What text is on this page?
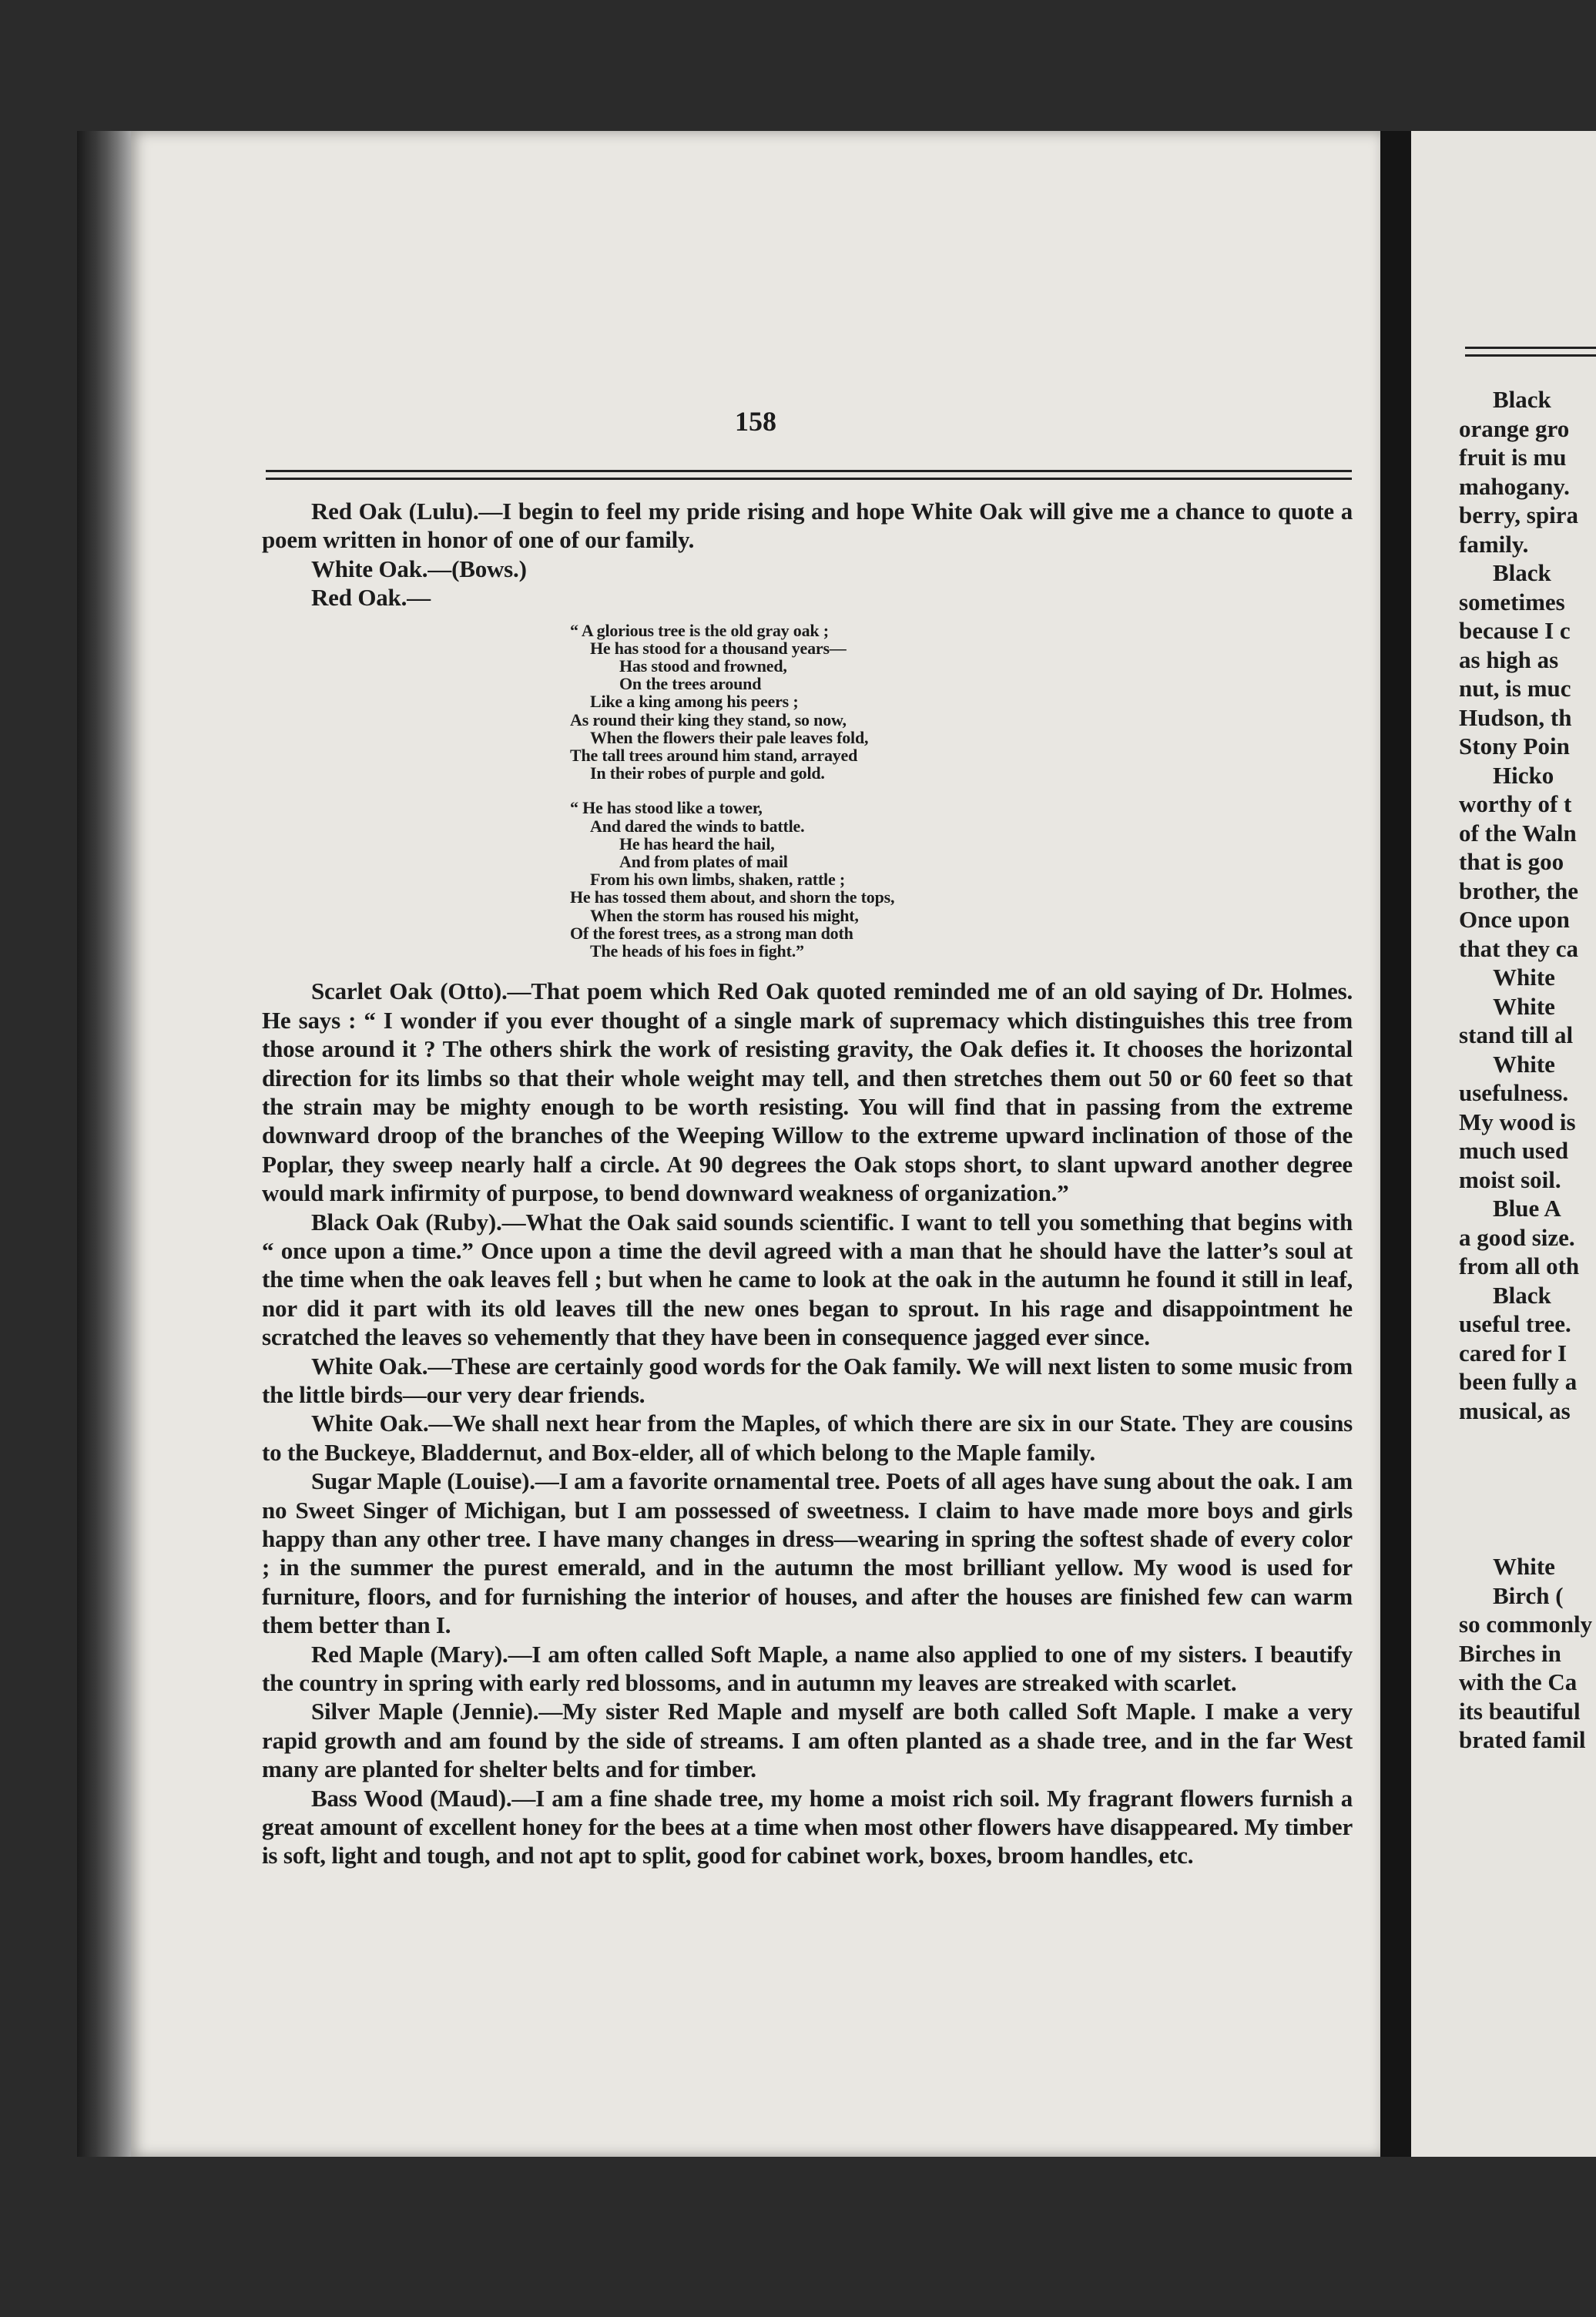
158

Red Oak (Lulu).—I begin to feel my pride rising and hope White Oak will give me a chance to quote a poem written in honor of one of our family.

White Oak.—(Bows.)

Red Oak.—

“ A glorious tree is the old gray oak ;
He has stood for a thousand years—
Has stood and frowned,
On the trees around
Like a king among his peers ;
As round their king they stand, so now,
When the flowers their pale leaves fold,
The tall trees around him stand, arrayed
In their robes of purple and gold.
“ He has stood like a tower,
And dared the winds to battle.
He has heard the hail,
And from plates of mail
From his own limbs, shaken, rattle ;
He has tossed them about, and shorn the tops,
When the storm has roused his might,
Of the forest trees, as a strong man doth
The heads of his foes in fight.”

Scarlet Oak (Otto).—That poem which Red Oak quoted reminded me of an old saying of Dr. Holmes. He says : “ I wonder if you ever thought of a single mark of supremacy which distinguishes this tree from those around it ? The others shirk the work of resisting gravity, the Oak defies it. It chooses the horizontal direction for its limbs so that their whole weight may tell, and then stretches them out 50 or 60 feet so that the strain may be mighty enough to be worth resisting. You will find that in passing from the extreme downward droop of the branches of the Weeping Willow to the extreme upward inclination of those of the Poplar, they sweep nearly half a circle. At 90 degrees the Oak stops short, to slant upward another degree would mark infirmity of purpose, to bend downward weakness of organization.”

Black Oak (Ruby).—What the Oak said sounds scientific. I want to tell you something that begins with “ once upon a time.” Once upon a time the devil agreed with a man that he should have the latter’s soul at the time when the oak leaves fell ; but when he came to look at the oak in the autumn he found it still in leaf, nor did it part with its old leaves till the new ones began to sprout. In his rage and disappointment he scratched the leaves so vehemently that they have been in consequence jagged ever since.

White Oak.—These are certainly good words for the Oak family. We will next listen to some music from the little birds—our very dear friends.

White Oak.—We shall next hear from the Maples, of which there are six in our State. They are cousins to the Buckeye, Bladdernut, and Box-elder, all of which belong to the Maple family.

Sugar Maple (Louise).—I am a favorite ornamental tree. Poets of all ages have sung about the oak. I am no Sweet Singer of Michigan, but I am possessed of sweetness. I claim to have made more boys and girls happy than any other tree. I have many changes in dress—wearing in spring the softest shade of every color ; in the summer the purest emerald, and in the autumn the most brilliant yellow. My wood is used for furniture, floors, and for furnishing the interior of houses, and after the houses are finished few can warm them better than I.

Red Maple (Mary).—I am often called Soft Maple, a name also applied to one of my sisters. I beautify the country in spring with early red blossoms, and in autumn my leaves are streaked with scarlet.

Silver Maple (Jennie).—My sister Red Maple and myself are both called Soft Maple. I make a very rapid growth and am found by the side of streams. I am often planted as a shade tree, and in the far West many are planted for shelter belts and for timber.

Bass Wood (Maud).—I am a fine shade tree, my home a moist rich soil. My fragrant flowers furnish a great amount of excellent honey for the bees at a time when most other flowers have disappeared. My timber is soft, light and tough, and not apt to split, good for cabinet work, boxes, broom handles, etc.

Black
orange gro
fruit is mu
mahogany.
berry, spira
family.
Black
sometimes
because I c
as high as
nut, is muc
Hudson, th
Stony Poin
Hicko
worthy of t
of the Waln
that is goo
brother, the
Once upon
that they ca
White
White
stand till al
White
usefulness.
My wood is
much used
moist soil.
Blue A
a good size.
from all oth
Black
useful tree.
cared for I
been fully a
musical, as
White
Birch (
so commonly
Birches in
with the Ca
its beautiful
brated famil
